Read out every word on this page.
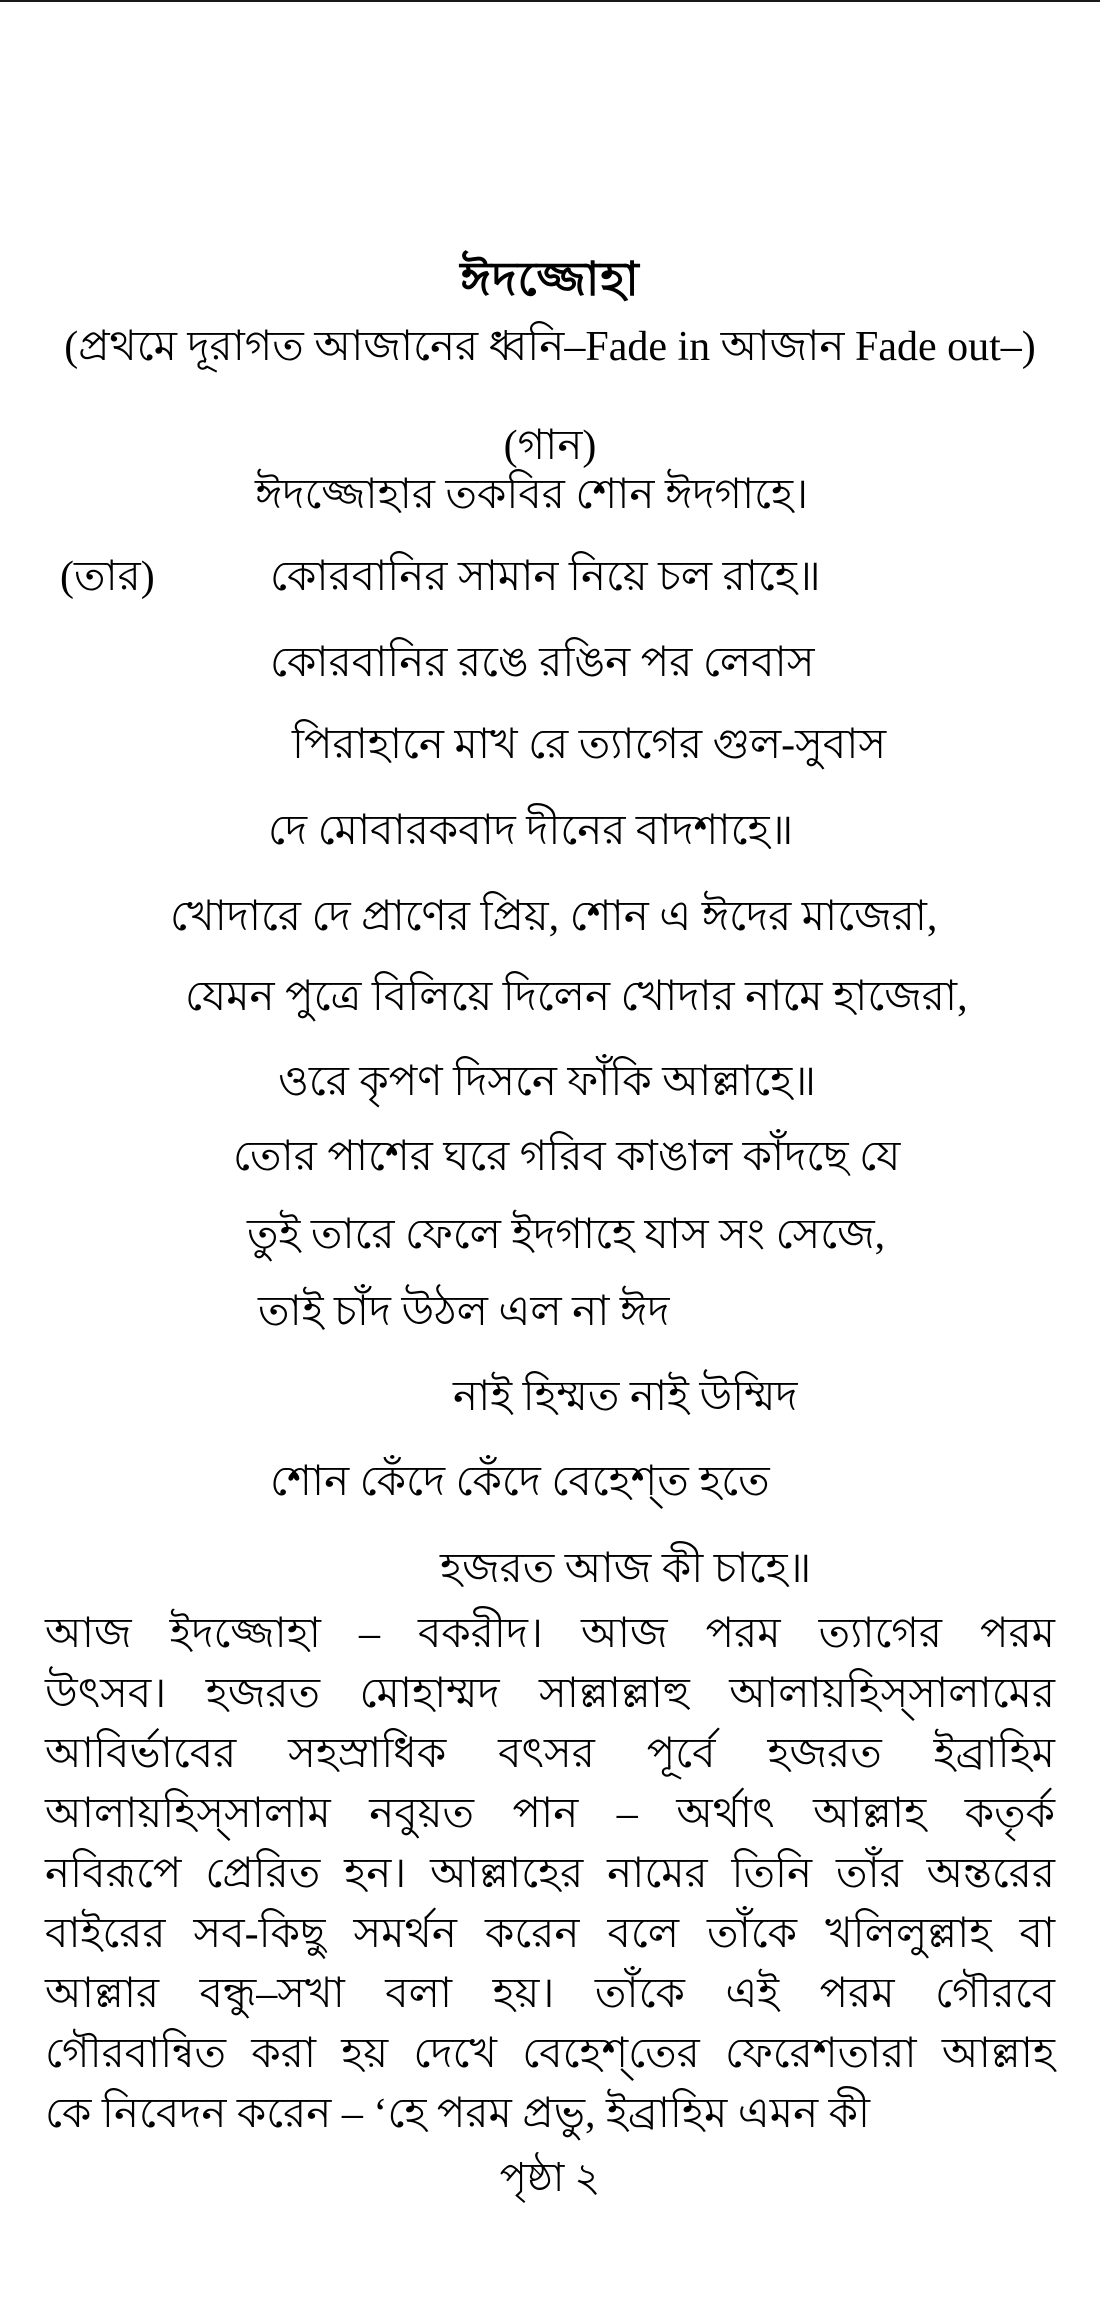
ঈদজ্জোহা
(প্রথমে দূরাগত আজানের ধ্বনি–Fade in আজান Fade out–)
(গান)
ঈদজ্জোহার তকবির শোন ঈদগাহে।
(তার)	কোরবানির সামান নিয়ে চল রাহে॥
কোরবানির রঙে রঙিন পর লেবাস
পিরাহানে মাখ রে ত্যাগের গুল-সুবাস
দে মোবারকবাদ দীনের বাদশাহে॥
খোদারে দে প্রাণের প্রিয়, শোন এ ঈদের মাজেরা,
যেমন পুত্রে বিলিয়ে দিলেন খোদার নামে হাজেরা,
ওরে কৃপণ দিসনে ফাঁকি আল্লাহে॥
তোর পাশের ঘরে গরিব কাঙাল কাঁদছে যে
তুই তারে ফেলে ইদগাহে যাস সং সেজে,
তাই চাঁদ উঠল এল না ঈদ
নাই হিম্মত নাই উম্মিদ
শোন কেঁদে কেঁদে বেহেশ্‌ত হতে
হজরত আজ কী চাহে॥
আজ ইদজ্জোহা – বকরীদ। আজ পরম ত্যাগের পরম
উৎসব। হজরত মোহাম্মদ সাল্লাল্লাহু আলায়হিস্‌সালামের
আবির্ভাবের সহস্রাধিক বৎসর পূর্বে হজরত ইব্রাহিম
আলায়হিস্‌সালাম নবুয়ত পান – অর্থাৎ আল্লাহ কতৃর্ক
নবিরূপে প্রেরিত হন। আল্লাহের নামের তিনি তাঁর অন্তরের
বাইরের সব-কিছু সমর্থন করেন বলে তাঁকে খলিলুল্লাহ বা
আল্লার বন্ধু–সখা বলা হয়। তাঁকে এই পরম গৌরবে
গৌরবান্বিত করা হয় দেখে বেহেশ্‌তের ফেরেশতারা আল্লাহ
কে নিবেদন করেন – ‘হে পরম প্রভু, ইব্রাহিম এমন কী
পৃষ্ঠা ২
